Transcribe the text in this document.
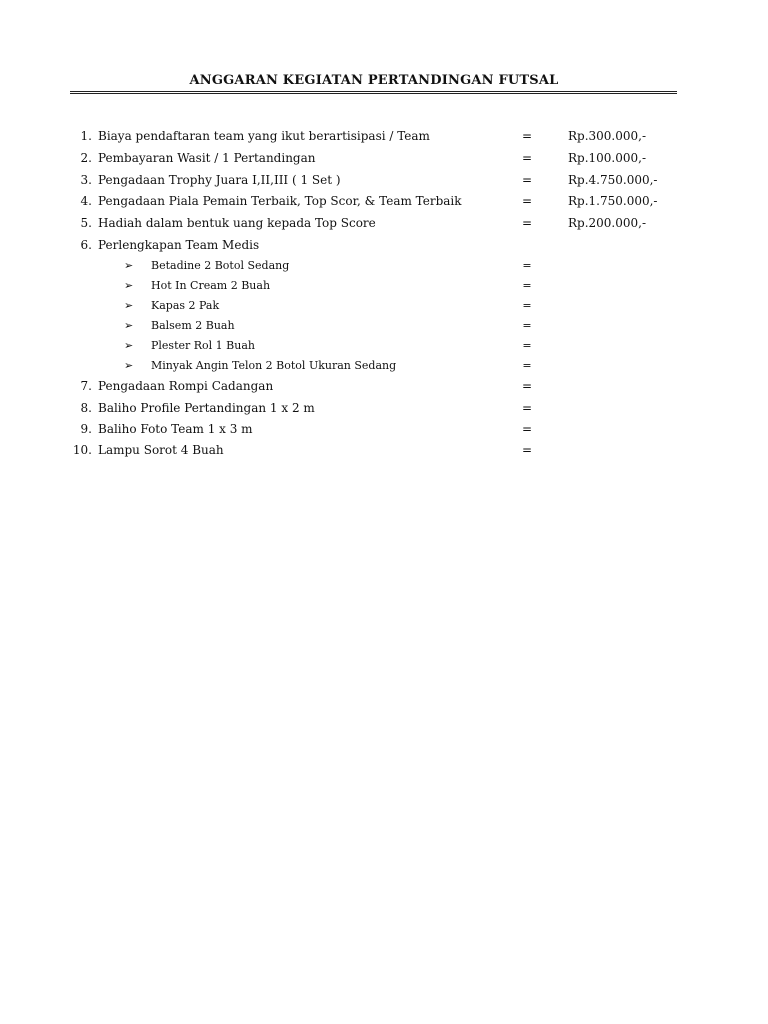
ANGGARAN KEGIATAN PERTANDINGAN FUTSAL
1. Biaya pendaftaran team yang ikut berartisipasi / Team	=	Rp.300.000,-
2. Pembayaran Wasit / 1 Pertandingan	=	Rp.100.000,-
3. Pengadaan Trophy Juara I,II,III ( 1 Set )	=	Rp.4.750.000,-
4. Pengadaan Piala Pemain Terbaik, Top Scor, & Team Terbaik	=	Rp.1.750.000,-
5. Hadiah dalam bentuk uang kepada Top Score	=	Rp.200.000,-
6. Perlengkapan Team Medis
➢ Betadine 2 Botol Sedang	=
➢ Hot In Cream 2 Buah	=
➢ Kapas 2 Pak	=
➢ Balsem 2 Buah	=
➢ Plester Rol 1 Buah	=
➢ Minyak Angin Telon 2 Botol Ukuran Sedang	=
7. Pengadaan Rompi Cadangan	=
8. Baliho Profile Pertandingan 1 x 2 m	=
9. Baliho Foto Team 1 x 3 m	=
10. Lampu Sorot 4 Buah	=
